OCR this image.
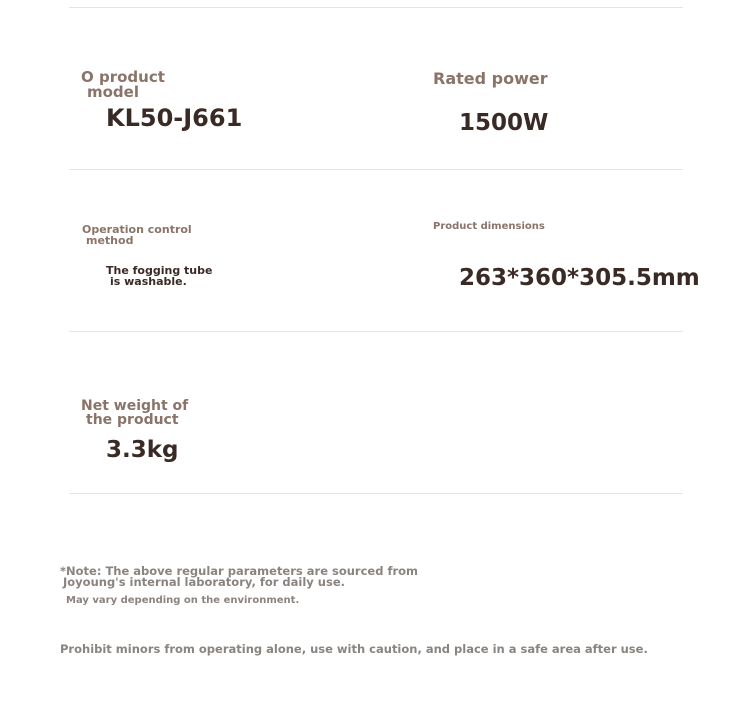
O product
model
KL50-J661
Rated power
1500W
Operation control
method
The fogging tube
is washable.
Product dimensions
263*360*305.5mm
Net weight of
the product
3.3kg
*Note: The above regular parameters are sourced from
Joyoung's internal laboratory, for daily use.
May vary depending on the environment.
Prohibit minors from operating alone, use with caution, and place in a safe area after use.
